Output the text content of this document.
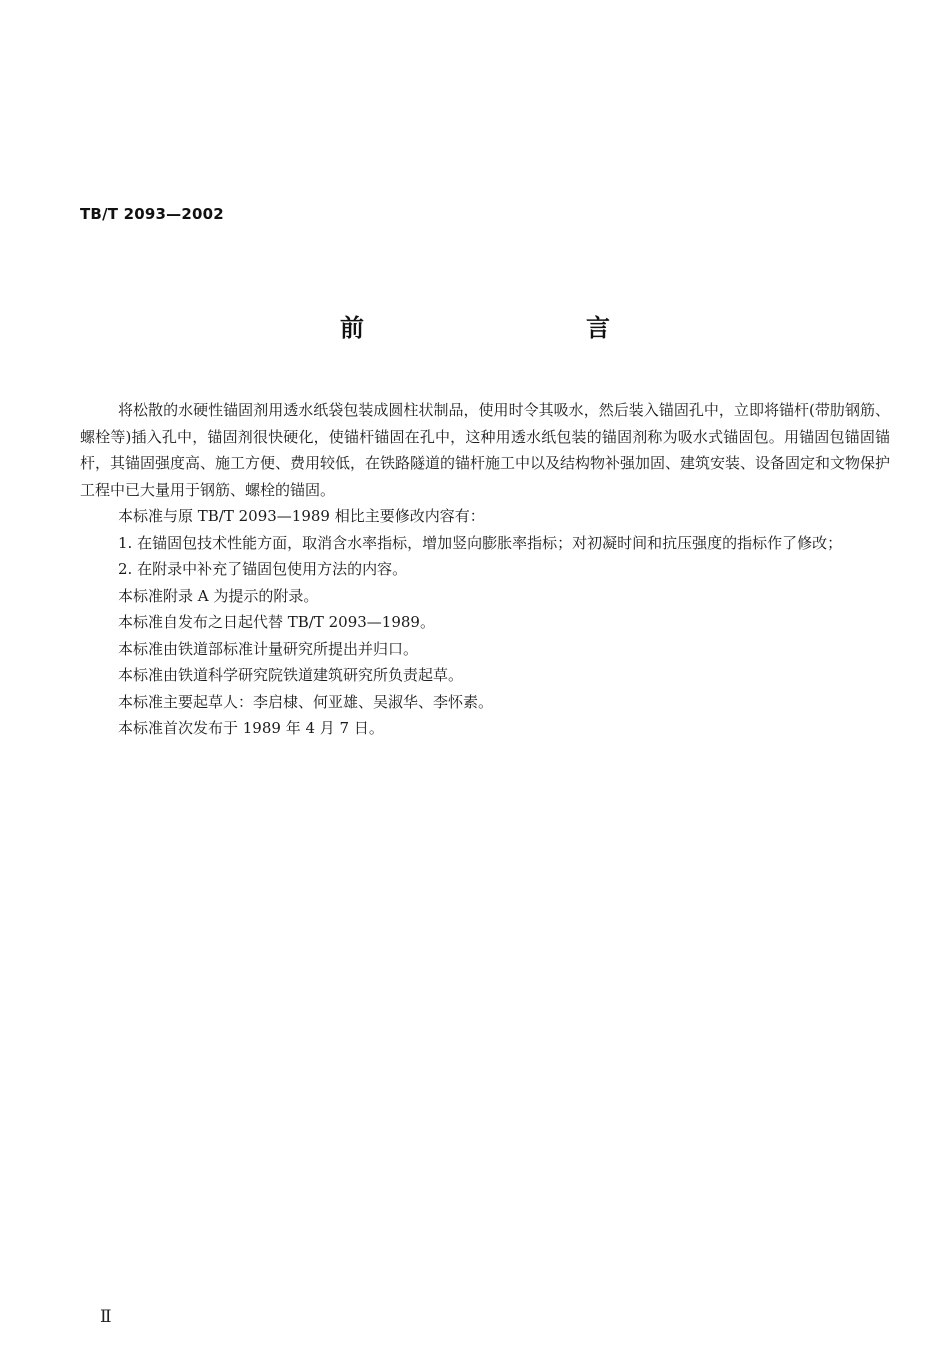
TB/T 2093—2002
前　　言

将松散的水硬性锚固剂用透水纸袋包装成圆柱状制品，使用时令其吸水，然后装入锚固孔中，立即将锚杆(带肋钢筋、螺栓等)插入孔中，锚固剂很快硬化，使锚杆锚固在孔中，这种用透水纸包装的锚固剂称为吸水式锚固包。用锚固包锚固锚杆，其锚固强度高、施工方便、费用较低，在铁路隧道的锚杆施工中以及结构物补强加固、建筑安装、设备固定和文物保护工程中已大量用于钢筋、螺栓的锚固。

本标准与原 TB/T 2093—1989 相比主要修改内容有：

1. 在锚固包技术性能方面，取消含水率指标，增加竖向膨胀率指标；对初凝时间和抗压强度的指标作了修改；

2. 在附录中补充了锚固包使用方法的内容。

本标准附录 A 为提示的附录。

本标准自发布之日起代替 TB/T 2093—1989。

本标准由铁道部标准计量研究所提出并归口。

本标准由铁道科学研究院铁道建筑研究所负责起草。

本标准主要起草人：李启棣、何亚雄、吴淑华、李怀素。

本标准首次发布于 1989 年 4 月 7 日。

Ⅱ
